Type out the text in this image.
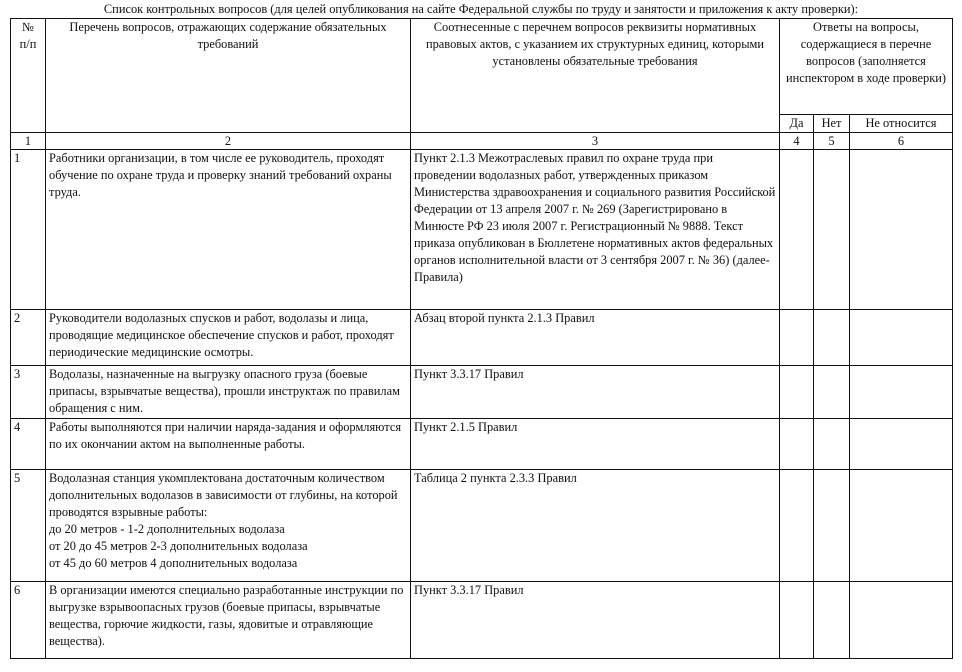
Список контрольных вопросов (для целей опубликования на сайте Федеральной службы по труду и занятости и приложения к акту проверки):
№
п/п	Перечень вопросов, отражающих содержание обязательных требований	Соотнесенные с перечнем вопросов реквизиты нормативных правовых актов, с указанием их структурных единиц, которыми установлены обязательные требования	Ответы на вопросы, содержащиеся в перечне вопросов (заполняется инспектором в ходе проверки)		
			Да	Нет	Не относится
1	2	3	4	5	6
1	Работники организации, в том числе ее руководитель, проходят обучение по охране труда и проверку знаний требований охраны труда.	Пункт 2.1.3 Межотраслевых правил по охране труда при проведении водолазных работ, утвержденных приказом Министерства здравоохранения и социального развития Российской Федерации от 13 апреля 2007 г. № 269 (Зарегистрировано в Минюсте РФ 23 июля 2007 г. Регистрационный № 9888. Текст приказа опубликован в Бюллетене нормативных актов федеральных органов исполнительной власти от 3 сентября 2007 г. № 36) (далее-Правила)			
2	Руководители водолазных спусков и работ, водолазы и лица, проводящие медицинское обеспечение спусков и работ, проходят периодические медицинские осмотры.	Абзац второй пункта 2.1.3 Правил			
3	Водолазы, назначенные на выгрузку опасного груза (боевые припасы, взрывчатые вещества), прошли инструктаж по правилам обращения с ним.	Пункт 3.3.17 Правил			
4	Работы выполняются при наличии наряда-задания и оформляются по их окончании актом на выполненные работы.	Пункт 2.1.5 Правил			
5	Водолазная станция укомплектована достаточным количеством дополнительных водолазов в зависимости от глубины, на которой проводятся взрывные работы:
до 20 метров - 1-2 дополнительных водолаза
от 20 до 45 метров 2-3 дополнительных водолаза
от 45 до 60 метров 4 дополнительных водолаза	Таблица 2 пункта 2.3.3 Правил			
6	В организации имеются специально разработанные инструкции по выгрузке взрывоопасных грузов (боевые припасы, взрывчатые вещества, горючие жидкости, газы, ядовитые и отравляющие вещества).	Пункт 3.3.17 Правил			
